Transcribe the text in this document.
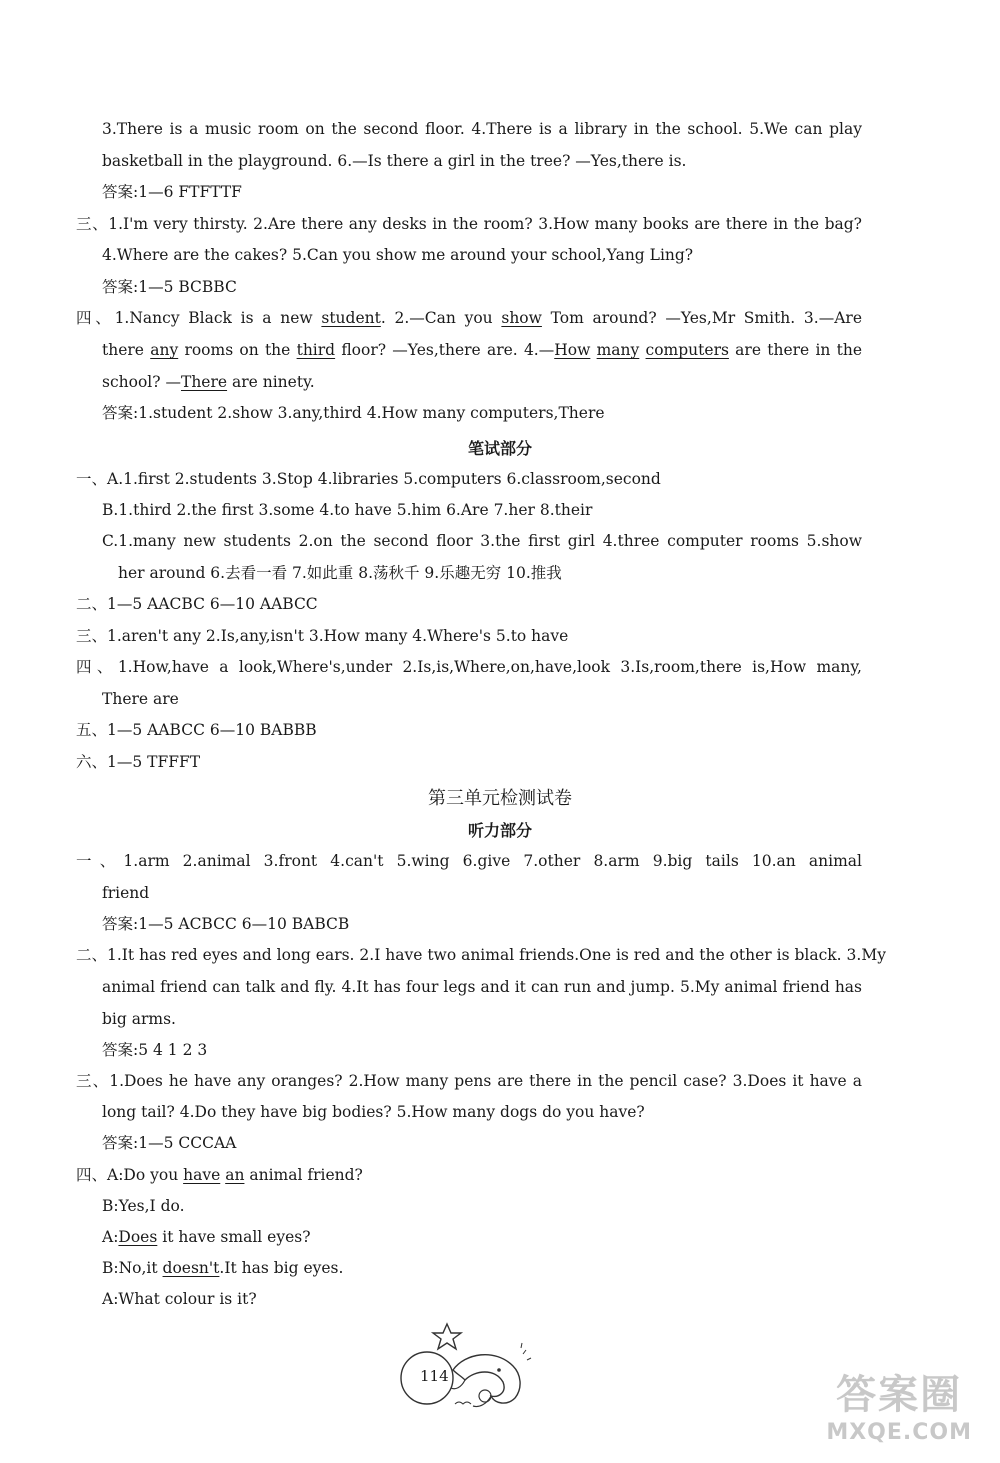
3.There is a music room on the second floor. 4.There is a library in the school. 5.We can play
basketball in the playground. 6.—Is there a girl in the tree? —Yes,there is.
答案:1—6 FTFTTF
三、1.I'm very thirsty. 2.Are there any desks in the room? 3.How many books are there in the bag?
4.Where are the cakes? 5.Can you show me around your school,Yang Ling?
答案:1—5 BCBBC
四、1.Nancy Black is a new student. 2.—Can you show Tom around? —Yes,Mr Smith. 3.—Are
there any rooms on the third floor? —Yes,there are. 4.—How many computers are there in the
school? —There are ninety.
答案:1.student 2.show 3.any,third 4.How many computers,There
笔试部分
一、A.1.first 2.students 3.Stop 4.libraries 5.computers 6.classroom,second
B.1.third 2.the first 3.some 4.to have 5.him 6.Are 7.her 8.their
C.1.many new students 2.on the second floor 3.the first girl 4.three computer rooms 5.show
her around 6.去看一看 7.如此重 8.荡秋千 9.乐趣无穷 10.推我
二、1—5 AACBC 6—10 AABCC
三、1.aren't any 2.Is,any,isn't 3.How many 4.Where's 5.to have
四、1.How,have a look,Where's,under 2.Is,is,Where,on,have,look 3.Is,room,there is,How many,
There are
五、1—5 AABCC 6—10 BABBB
六、1—5 TFFFT
第三单元检测试卷
听力部分
一、1.arm 2.animal 3.front 4.can't 5.wing 6.give 7.other 8.arm 9.big tails 10.an animal
friend
答案:1—5 ACBCC 6—10 BABCB
二、1.It has red eyes and long ears. 2.I have two animal friends.One is red and the other is black. 3.My
animal friend can talk and fly. 4.It has four legs and it can run and jump. 5.My animal friend has
big arms.
答案:5 4 1 2 3
三、1.Does he have any oranges? 2.How many pens are there in the pencil case? 3.Does it have a
long tail? 4.Do they have big bodies? 5.How many dogs do you have?
答案:1—5 CCCAA
四、A:Do you have an animal friend?
B:Yes,I do.
A:Does it have small eyes?
B:No,it doesn't.It has big eyes.
A:What colour is it?
114	答案圈
MXQE.COM
